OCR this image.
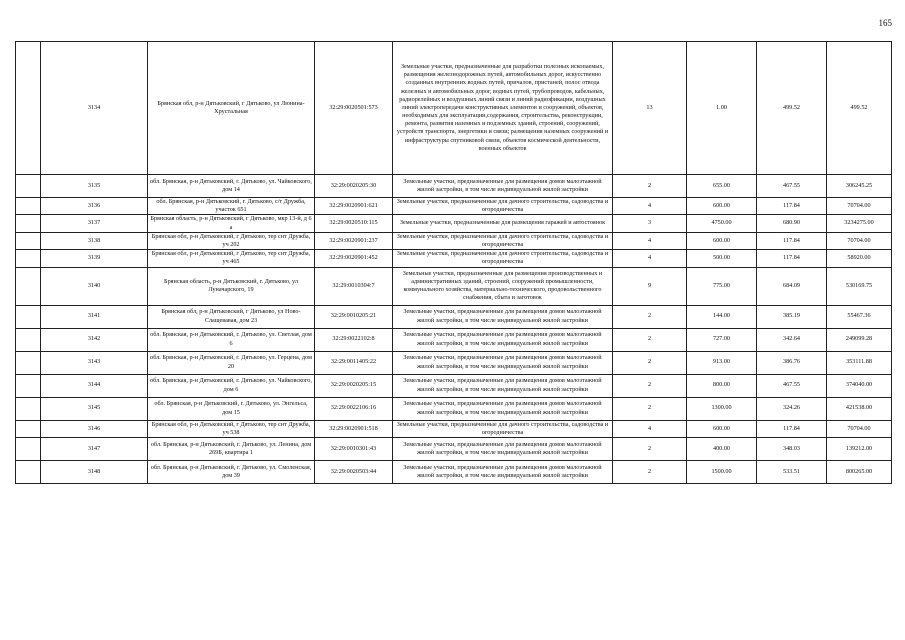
165
	3134	Брянская обл, р-н Дятьковский, г Дятьково, ул Люнина-Хрустальная	32:29:0020501:573	Земельные участки, предназначенные для разработки полезных ископаемых, размещения железнодорожных путей, автомобильных дорог, искусственно созданных внутренних водных путей, причалов, пристаней, полос отвода железных и автомобильных дорог, водных путей, трубопроводов, кабельных, радиорелейных и воздушных линий связи и линий радиофикации, воздушных линий электропередачи конструктивных элементов и сооружений, объектов, необходимых для эксплуатации,содержания, строительства, реконструкции, ремонта, развития наземных и подземных зданий, строений, сооружений, устройств транспорта, энергетики и связи; размещения наземных сооружений и инфраструктуры спутниковой связи, объектов космической деятельности, военных объектов	13	1.00	499.52	499.52
	3135	обл. Брянская, р-н Дятьковский, г. Дятьково, ул. Чайковского, дом 14	32:29:0020205:30	Земельные участки, предназначенные для размещения домов малоэтажной жилой застройки, в том числе индивидуальной жилой застройки	2	655.00	467.55	306245.25
	3136	обл. Брянская, р-н Дятьковский, г. Дятьково, с/т Дружба, участок 651	32:29:0020901:621	Земельные участки, предназначенные для дачного строительства, садоводства и огородничества	4	600.00	117.84	70704.00
	3137	Брянская область, р-н Дятьковский, г Дятьково, мкр 13-й, д 6 а	32:29:0020510:115	Земельные участки, предназначенные для размещения гаражей и автостоянок	3	4750.00	680.90	3234275.00
	3138	Брянская обл, р-н Дятьковский, г Дятьково, тер снт Дружба, уч 202	32:29:0020901:237	Земельные участки, предназначенные для дачного строительства, садоводства и огородничества	4	600.00	117.84	70704.00
	3139	Брянская обл, р-н Дятьковский, г Дятьково, тер снт Дружба, уч 465	32:29:0020901:452	Земельные участки, предназначенные для дачного строительства, садоводства и огородничества	4	500.00	117.84	58920.00
	3140	Брянская область, р-н Дятьковский, г. Дятьково, ул Луначарского, 19	32:29:0010304:7	Земельные участки, предназначенные для размещения производственных и административных зданий, строений, сооружений промышленности, коммунального хозяйства, материально-технического, продовольственного снабжения, сбыта и заготовок	9	775.00	684.09	530169.75
	3141	Брянская обл, р-н Дятьковский, г Дятьково, ул Ново-Слащевавая, дом 23	32:29:0010205:21	Земельные участки, предназначенные для размещения домов малоэтажной жилой застройки, в том числе индивидуальной жилой застройки	2	144.00	385.19	55467.36
	3142	обл. Брянская, р-н Дятьковский, г. Дятьково, ул. Светлая, дом 6	32:29:0022102:8	Земельные участки, предназначенные для размещения домов малоэтажной жилой застройки, в том числе индивидуальной жилой застройки	2	727.00	342.64	249099.28
	3143	обл. Брянская, р-н Дятьковский, г. Дятьково, ул. Герцена, дом 20	32:29:0011405:22	Земельные участки, предназначенные для размещения домов малоэтажной жилой застройки, в том числе индивидуальной жилой застройки	2	913.00	386.76	353111.88
	3144	обл. Брянская, р-н Дятьковский, г. Дятьково, ул. Чайковского, дом 6	32:29:0020205:15	Земельные участки, предназначенные для размещения домов малоэтажной жилой застройки, в том числе индивидуальной жилой застройки	2	800.00	467.55	374040.00
	3145	обл. Брянская, р-н Дятьковский, г. Дятьково, ул. Энгельса, дом 15	32:29:0022106:16	Земельные участки, предназначенные для размещения домов малоэтажной жилой застройки, в том числе индивидуальной жилой застройки	2	1300.00	324.26	421538.00
	3146	Брянская обл, р-н Дятьковский, г Дятьково, тер снт Дружба, уч 538	32:29:0020901:518	Земельные участки, предназначенные для дачного строительства, садоводства и огородничества	4	600.00	117.84	70704.00
	3147	обл. Брянская, р-н Дятьковский, г. Дятьково, ул. Ленина, дом 269Б, квартира 1	32:29:0010301:43	Земельные участки, предназначенные для размещения домов малоэтажной жилой застройки, в том числе индивидуальной жилой застройки	2	400.00	348.03	139212.00
	3148	обл. Брянская, р-н Дятьковский, г. Дятьково, ул. Смоленская, дом 39	32:29:0020503:44	Земельные участки, предназначенные для размещения домов малоэтажной жилой застройки, в том числе индивидуальной жилой застройки	2	1500.00	533.51	800265.00
